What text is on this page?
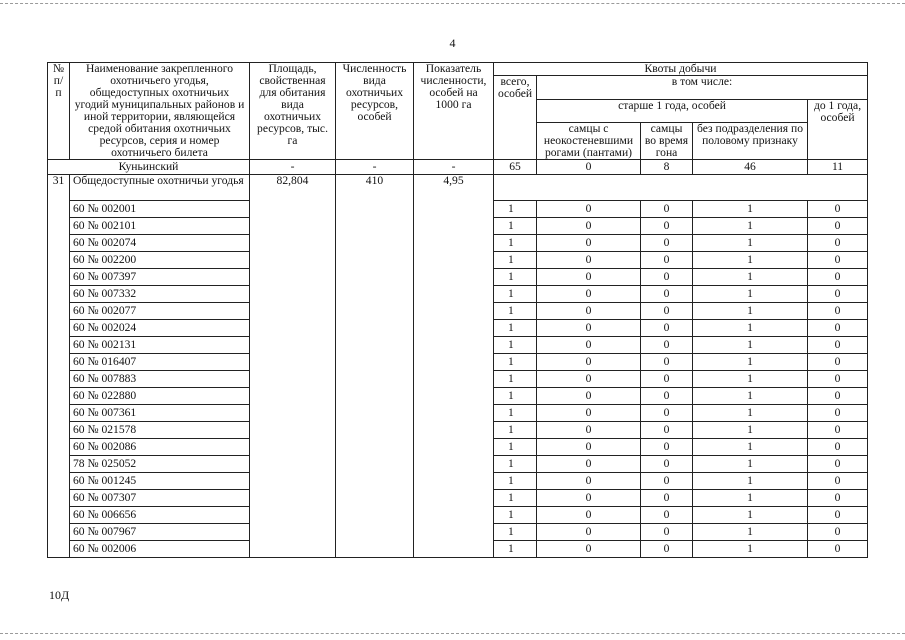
4
№ п/п	Наименование закрепленного охотничьего угодья, общедоступных охотничьих угодий муниципальных районов и иной территории, являющейся средой обитания охотничьих ресурсов, серия и номер охотничьего билета	Площадь, свойственная для обитания вида охотничьих ресурсов, тыс. га	Численность вида охотничьих ресурсов, особей	Показатель численности, особей на 1000 га	Квоты добычи				
					всего, особей	в том числе:			
						старше 1 года, особей			до 1 года, особей
						самцы с неокостеневшими рогами (пантами)	самцы во время гона	без подразделения по половому признаку	
Куньинский		-	-	-	65	0	8	46	11
31	Общедоступные охотничьи угодья	82,804	410	4,95					
	60 № 002001				1	0	0	1	0
	60 № 002101				1	0	0	1	0
	60 № 002074				1	0	0	1	0
	60 № 002200				1	0	0	1	0
	60 № 007397				1	0	0	1	0
	60 № 007332				1	0	0	1	0
	60 № 002077				1	0	0	1	0
	60 № 002024				1	0	0	1	0
	60 № 002131				1	0	0	1	0
	60 № 016407				1	0	0	1	0
	60 № 007883				1	0	0	1	0
	60 № 022880				1	0	0	1	0
	60 № 007361				1	0	0	1	0
	60 № 021578				1	0	0	1	0
	60 № 002086				1	0	0	1	0
	78 № 025052				1	0	0	1	0
	60 № 001245				1	0	0	1	0
	60 № 007307				1	0	0	1	0
	60 № 006656				1	0	0	1	0
	60 № 007967				1	0	0	1	0
	60 № 002006				1	0	0	1	0
10Д
